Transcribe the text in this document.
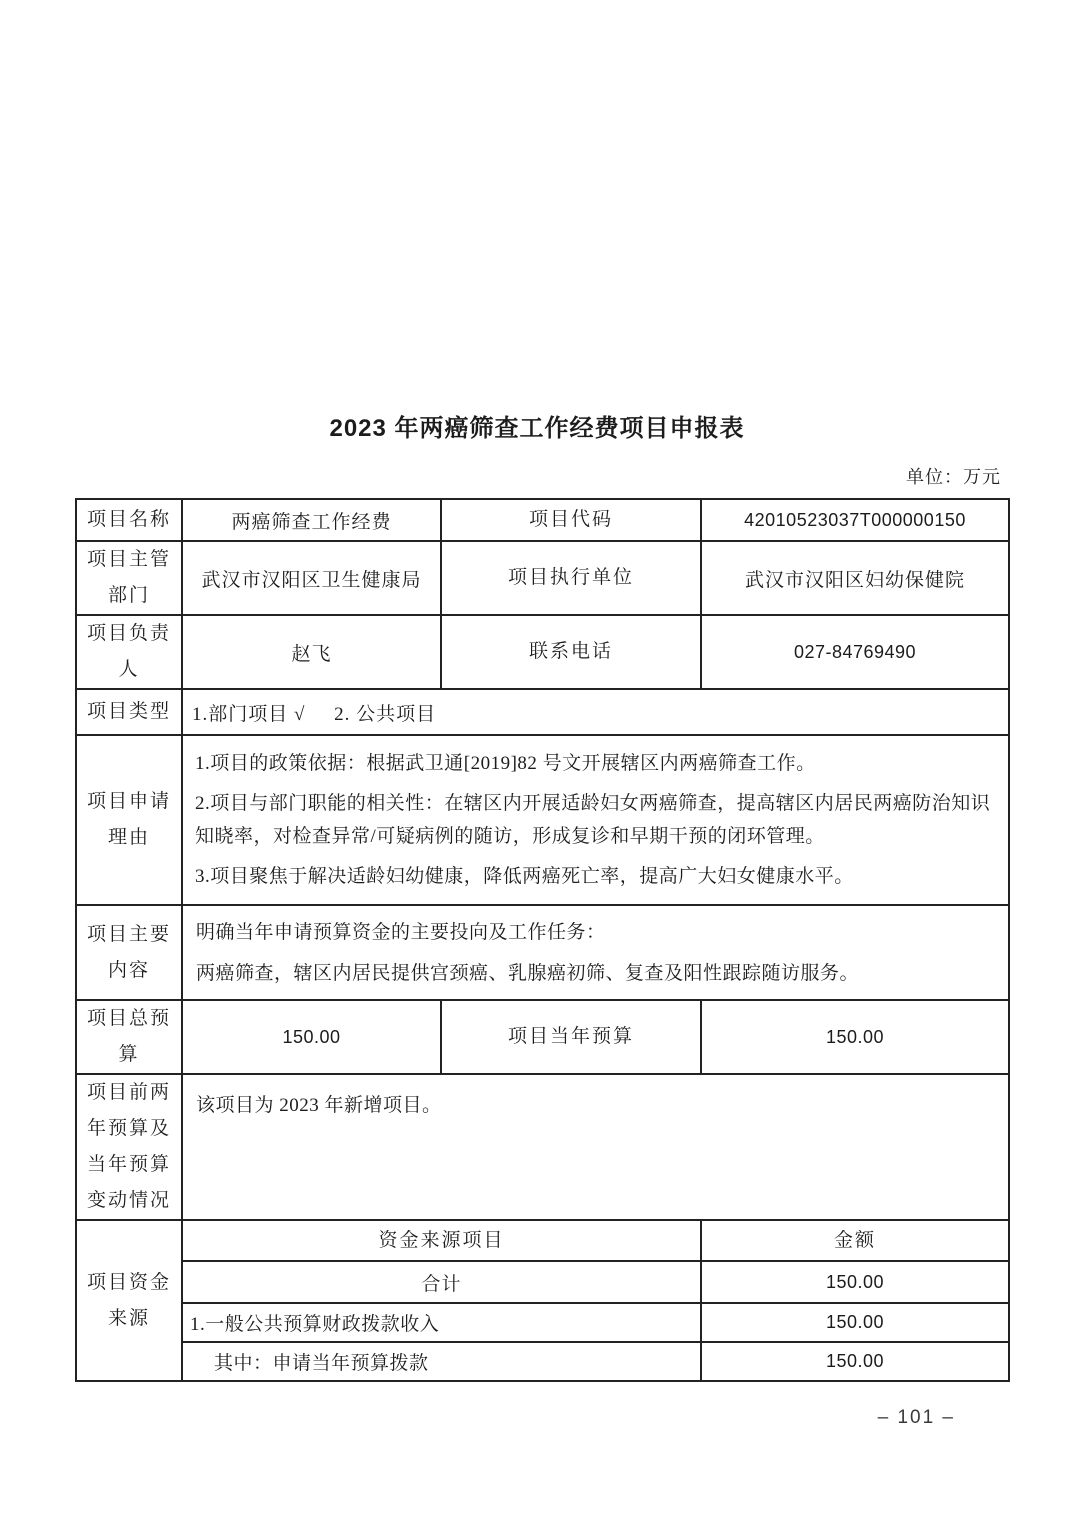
2023 年两癌筛查工作经费项目申报表
单位：万元
项目名称	两癌筛查工作经费	项目代码	42010523037T000000150

项目主管
部门	武汉市汉阳区卫生健康局	项目执行单位	武汉市汉阳区妇幼保健院

项目负责
人	赵飞	联系电话	027-84769490
项目类型	1.部门项目 √     2. 公共项目		

项目申请
理由

1.项目的政策依据：根据武卫通[2019]82 号文开展辖区内两癌筛查工作。

2.项目与部门职能的相关性：在辖区内开展适龄妇女两癌筛查，提高辖区内居民两癌防治知识知晓率，对检查异常/可疑病例的随访，形成复诊和早期干预的闭环管理。

3.项目聚焦于解决适龄妇幼健康，降低两癌死亡率，提高广大妇女健康水平。

项目主要
内容

明确当年申请预算资金的主要投向及工作任务：
两癌筛查，辖区内居民提供宫颈癌、乳腺癌初筛、复查及阳性跟踪随访服务。

项目总预
算	150.00	项目当年预算	150.00

项目前两
年预算及
当年预算
变动情况	该项目为 2023 年新增项目。		

项目资金
来源	资金来源项目		金额
	合计		150.00
	1.一般公共预算财政拨款收入		150.00
	其中：申请当年预算拨款		150.00
– 101 –
